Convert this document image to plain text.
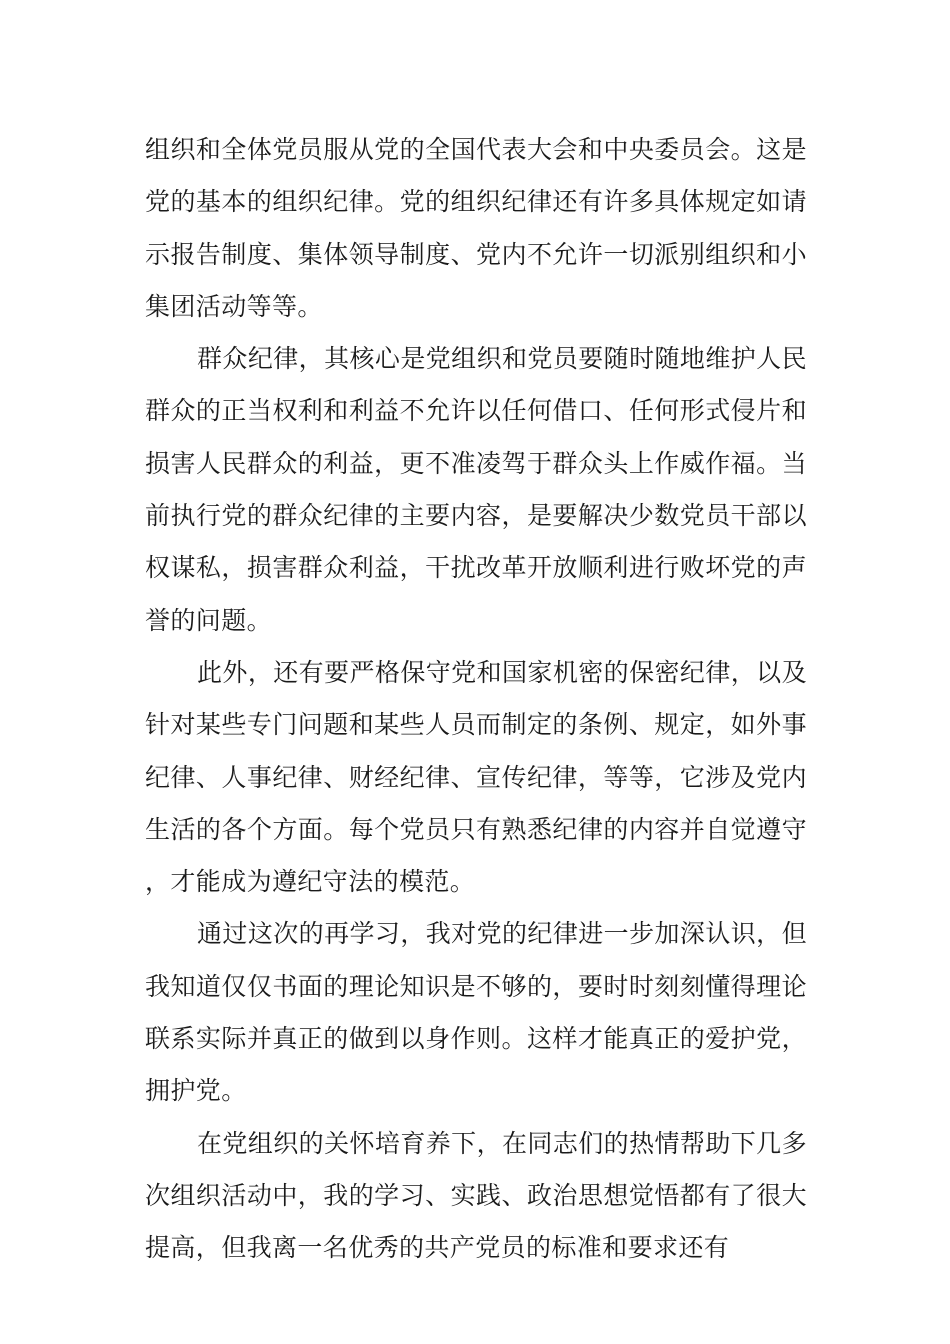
组织和全体党员服从党的全国代表大会和中央委员会。这是党的基本的组织纪律。党的组织纪律还有许多具体规定如请示报告制度、集体领导制度、党内不允许一切派别组织和小集团活动等等。

群众纪律，其核心是党组织和党员要随时随地维护人民群众的正当权利和利益不允许以任何借口、任何形式侵片和损害人民群众的利益，更不准凌驾于群众头上作威作福。当前执行党的群众纪律的主要内容，是要解决少数党员干部以权谋私，损害群众利益，干扰改革开放顺利进行败坏党的声誉的问题。

此外，还有要严格保守党和国家机密的保密纪律，以及针对某些专门问题和某些人员而制定的条例、规定，如外事纪律、人事纪律、财经纪律、宣传纪律，等等，它涉及党内生活的各个方面。每个党员只有熟悉纪律的内容并自觉遵守，才能成为遵纪守法的模范。

通过这次的再学习，我对党的纪律进一步加深认识，但我知道仅仅书面的理论知识是不够的，要时时刻刻懂得理论联系实际并真正的做到以身作则。这样才能真正的爱护党，拥护党。

在党组织的关怀培育养下，在同志们的热情帮助下几多次组织活动中，我的学习、实践、政治思想觉悟都有了很大提高，但我离一名优秀的共产党员的标准和要求还有
